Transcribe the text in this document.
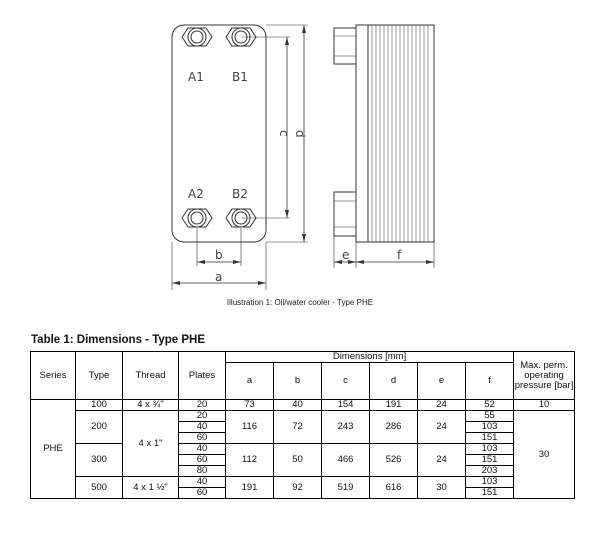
A1 B1
A2 B2
c d
b
a
e	f
Illustration 1: Oil/water cooler - Type PHE
Table 1: Dimensions - Type PHE
Series	Type	Thread	Plates	Dimensions [mm]						Max. perm. operating pressure [bar]
				a	b	c	d	e	f	
PHE	100	4 x ¾"	20	73	40	154	191	24	52	10
	200	4 x 1"	20	116	72	243	286	24	55	30
			40						103	
			60						151	
	300		40	112	50	466	526	24	103	
			60						151	
			80						203	
	500	4 x 1 ½"	40	191	92	519	616	30	103	
			60						151	
